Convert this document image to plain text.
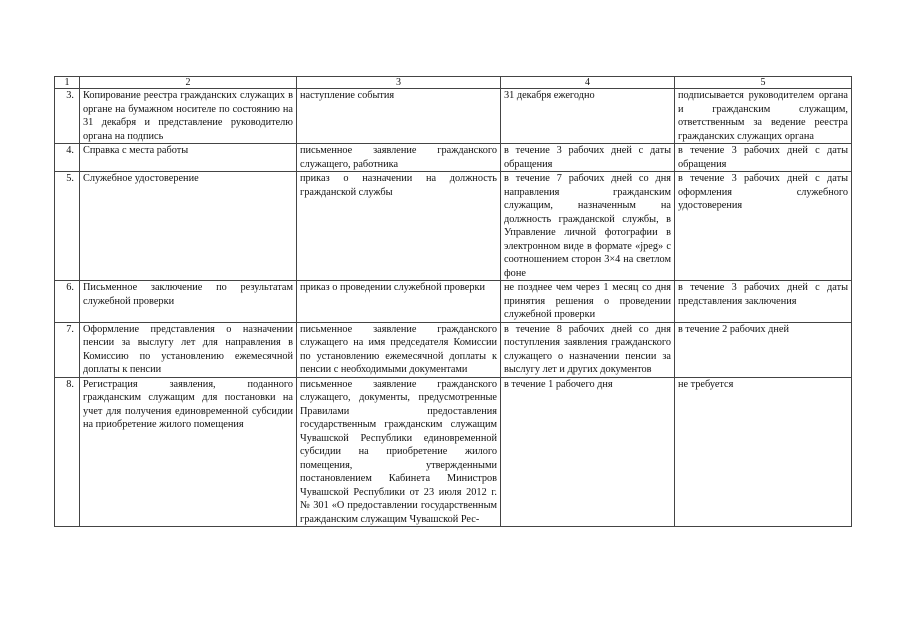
1	2	3	4	5
3.	Копирование реестра гражданских служащих в органе на бумажном носителе по состоянию на 31 декабря и представление руководителю органа на подпись	наступление события	31 декабря ежегодно	подписывается руководителем органа и гражданским служащим, ответственным за ведение реестра гражданских служащих органа
4.	Справка с места работы	письменное заявление гражданского служащего, работника	в течение 3 рабочих дней с даты обращения	в течение 3 рабочих дней с даты обращения
5.	Служебное удостоверение	приказ о назначении на должность гражданской службы	в течение 7 рабочих дней со дня направления гражданским служащим, назначенным на должность гражданской службы, в Управление личной фотографии в электронном виде в формате «jpeg» с соотношением сторон 3×4 на светлом фоне	в течение 3 рабочих дней с даты оформления служебного удостоверения
6.	Письменное заключение по результатам служебной проверки	приказ о проведении служебной проверки	не позднее чем через 1 месяц со дня принятия решения о проведении служебной проверки	в течение 3 рабочих дней с даты представления заключения
7.	Оформление представления о назначении пенсии за выслугу лет для направления в Комиссию по установлению ежемесячной доплаты к пенсии	письменное заявление гражданского служащего на имя председателя Комиссии по установлению ежемесячной доплаты к пенсии с необходимыми документами	в течение 8 рабочих дней со дня поступления заявления гражданского служащего о назначении пенсии за выслугу лет и других документов	в течение 2 рабочих дней
8.	Регистрация заявления, поданного гражданским служащим для постановки на учет для получения единовременной субсидии на приобретение жилого помещения	письменное заявление гражданского служащего, документы, предусмотренные Правилами предоставления государственным гражданским служащим Чувашской Республики единовременной субсидии на приобретение жилого помещения, утвержденными постановлением Кабинета Министров Чувашской Республики от 23 июля 2012 г. № 301 «О предоставлении государственным гражданским служащим Чувашской Рес-	в течение 1 рабочего дня	не требуется
